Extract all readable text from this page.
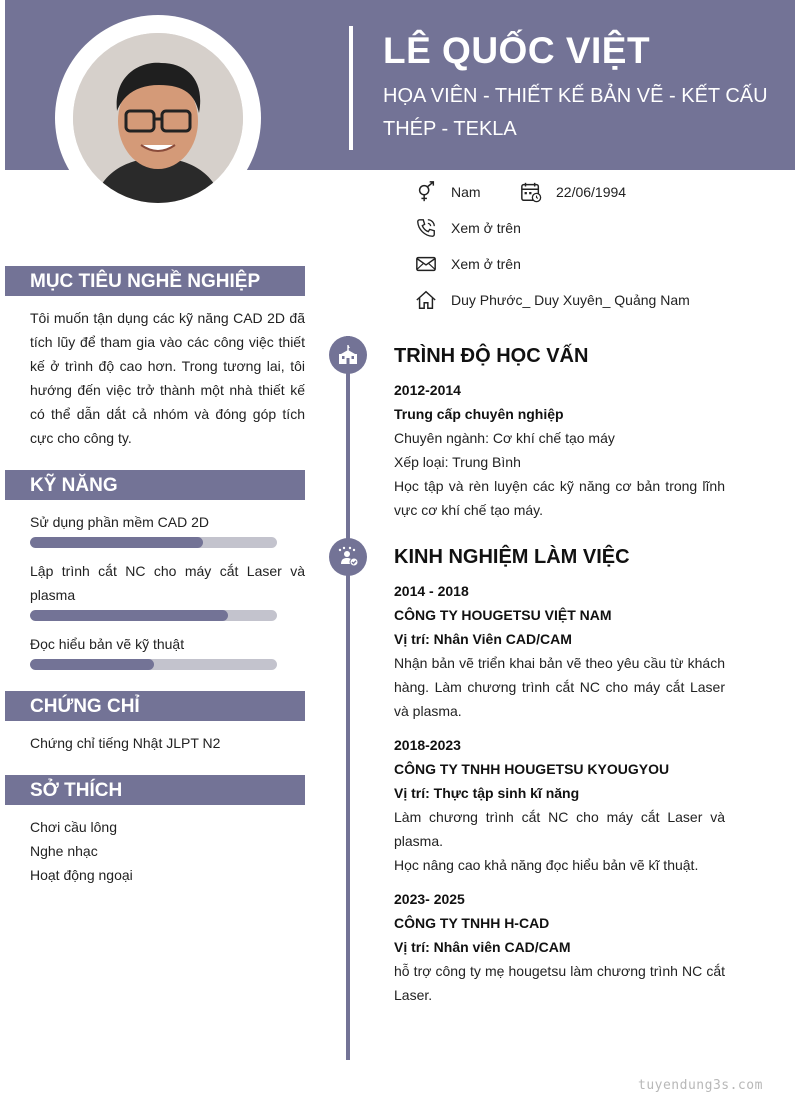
LÊ QUỐC VIỆT
HỌA VIÊN - THIẾT KẾ BẢN VẼ - KẾT CẤU THÉP - TEKLA
Nam	22/06/1994
Xem ở trên
Xem ở trên
Duy Phước_ Duy Xuyên_ Quảng Nam
MỤC TIÊU NGHỀ NGHIỆP
Tôi muốn tận dụng các kỹ năng CAD 2D đã tích lũy để tham gia vào các công việc thiết kế ở trình độ cao hơn. Trong tương lai, tôi hướng đến việc trở thành một nhà thiết kế có thể dẫn dắt cả nhóm và đóng góp tích cực cho công ty.
KỸ NĂNG
Sử dụng phần mềm CAD 2D
Lập trình cắt NC cho máy cắt Laser và plasma
Đọc hiểu bản vẽ kỹ thuật
CHỨNG CHỈ
Chứng chỉ tiếng Nhật JLPT N2
SỞ THÍCH
Chơi cầu lông
Nghe nhạc
Hoạt động ngoại
TRÌNH ĐỘ HỌC VẤN
2012-2014
Trung cấp chuyên nghiệp
Chuyên ngành: Cơ khí chế tạo máy
Xếp loại: Trung Bình
Học tập và rèn luyện các kỹ năng cơ bản trong lĩnh vực cơ khí chế tạo máy.
KINH NGHIỆM LÀM VIỆC
2014 - 2018
CÔNG TY HOUGETSU VIỆT NAM
Vị trí: Nhân Viên CAD/CAM
Nhận bản vẽ triển khai bản vẽ theo yêu cầu từ khách hàng. Làm chương trình cắt NC cho máy cắt Laser và plasma.
2018-2023
CÔNG TY TNHH HOUGETSU KYOUGYOU
Vị trí: Thực tập sinh kĩ năng
Làm chương trình cắt NC cho máy cắt Laser và plasma.
Học nâng cao khả năng đọc hiểu bản vẽ kĩ thuật.
2023- 2025
CÔNG TY TNHH H-CAD
Vị trí: Nhân viên CAD/CAM
hỗ trợ công ty mẹ hougetsu làm chương trình NC cắt Laser.
tuyendung3s.com
